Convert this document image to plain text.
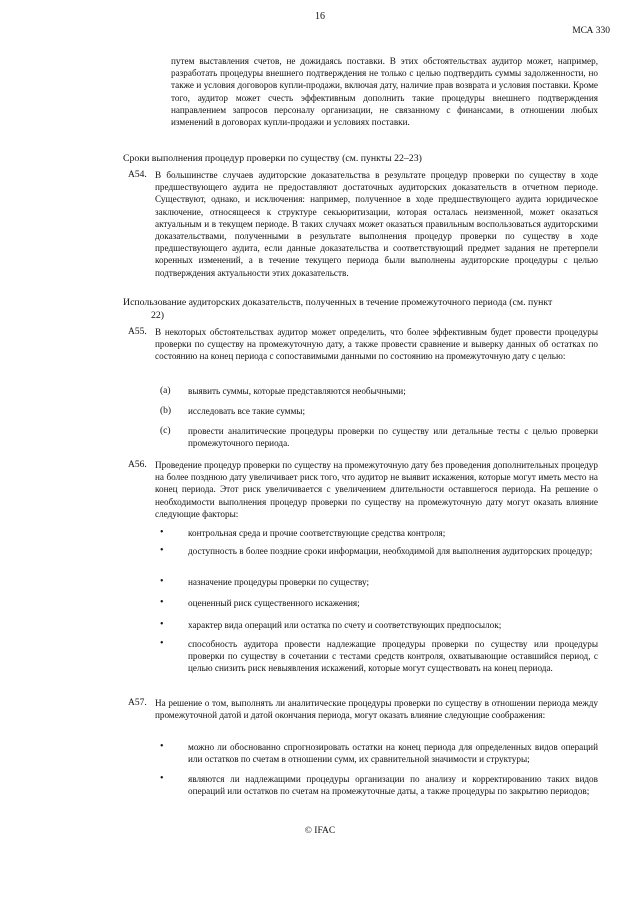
16
МСА 330
путем выставления счетов, не дожидаясь поставки. В этих обстоятельствах аудитор может, например, разработать процедуры внешнего подтверждения не только с целью подтвердить суммы задолженности, но также и условия договоров купли-продажи, включая дату, наличие прав возврата и условия поставки. Кроме того, аудитор может счесть эффективным дополнить такие процедуры внешнего подтверждения направлением запросов персоналу организации, не связанному с финансами, в отношении любых изменений в договорах купли-продажи и условиях поставки.
Сроки выполнения процедур проверки по существу (см. пункты 22–23)
A54. В большинстве случаев аудиторские доказательства в результате процедур проверки по существу в ходе предшествующего аудита не предоставляют достаточных аудиторских доказательств в отчетном периоде. Существуют, однако, и исключения: например, полученное в ходе предшествующего аудита юридическое заключение, относящееся к структуре секьюритизации, которая осталась неизменной, может оказаться актуальным и в текущем периоде. В таких случаях может оказаться правильным воспользоваться аудиторскими доказательствами, полученными в результате выполнения процедур проверки по существу в ходе предшествующего аудита, если данные доказательства и соответствующий предмет задания не претерпели коренных изменений, а в течение текущего периода были выполнены аудиторские процедуры с целью подтверждения актуальности этих доказательств.
Использование аудиторских доказательств, полученных в течение промежуточного периода (см. пункт
22)
A55. В некоторых обстоятельствах аудитор может определить, что более эффективным будет провести процедуры проверки по существу на промежуточную дату, а также провести сравнение и выверку данных об остатках по состоянию на конец периода с сопоставимыми данными по состоянию на промежуточную дату с целью:
(a) выявить суммы, которые представляются необычными;
(b) исследовать все такие суммы;
(c) провести аналитические процедуры проверки по существу или детальные тесты с целью проверки промежуточного периода.
A56. Проведение процедур проверки по существу на промежуточную дату без проведения дополнительных процедур на более позднюю дату увеличивает риск того, что аудитор не выявит искажения, которые могут иметь место на конец периода. Этот риск увеличивается с увеличением длительности оставшегося периода. На решение о необходимости выполнения процедур проверки по существу на промежуточную дату могут оказать влияние следующие факторы:
•	контрольная среда и прочие соответствующие средства контроля;
•	доступность в более поздние сроки информации, необходимой для выполнения аудиторских процедур;
•	назначение процедуры проверки по существу;
•	оцененный риск существенного искажения;
•	характер вида операций или остатка по счету и соответствующих предпосылок;
•	способность аудитора провести надлежащие процедуры проверки по существу или процедуры проверки по существу в сочетании с тестами средств контроля, охватывающие оставшийся период, с целью снизить риск невыявления искажений, которые могут существовать на конец периода.
A57. На решение о том, выполнять ли аналитические процедуры проверки по существу в отношении периода между промежуточной датой и датой окончания периода, могут оказать влияние следующие соображения:
•	можно ли обоснованно спрогнозировать остатки на конец периода для определенных видов операций или остатков по счетам в отношении сумм, их сравнительной значимости и структуры;
•	являются ли надлежащими процедуры организации по анализу и корректированию таких видов операций или остатков по счетам на промежуточные даты, а также процедуры по закрытию периодов;
© IFAC
